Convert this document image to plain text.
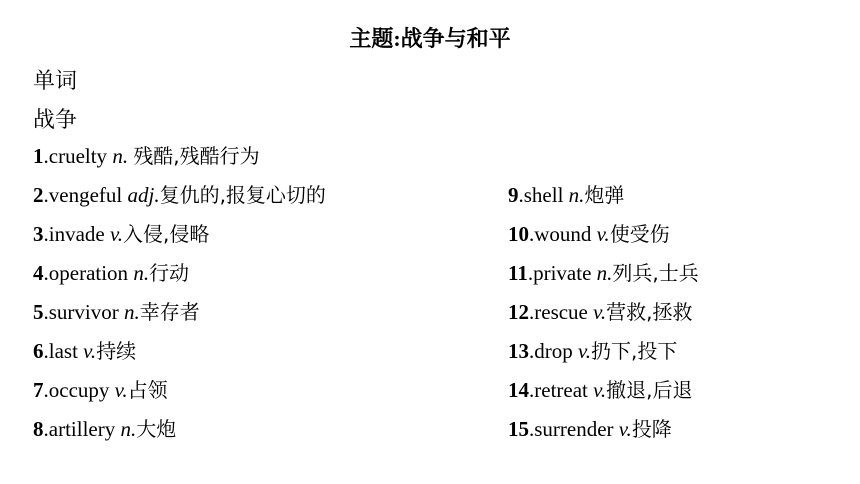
主题:战争与和平
单词
战争
1.cruelty n. 残酷,残酷行为
2.vengeful adj.复仇的,报复心切的
3.invade v.入侵,侵略
4.operation n.行动
5.survivor n.幸存者
6.last v.持续
7.occupy v.占领
8.artillery n.大炮
9.shell n.炮弹
10.wound v.使受伤
11.private n.列兵,士兵
12.rescue v.营救,拯救
13.drop v.扔下,投下
14.retreat v.撤退,后退
15.surrender v.投降
